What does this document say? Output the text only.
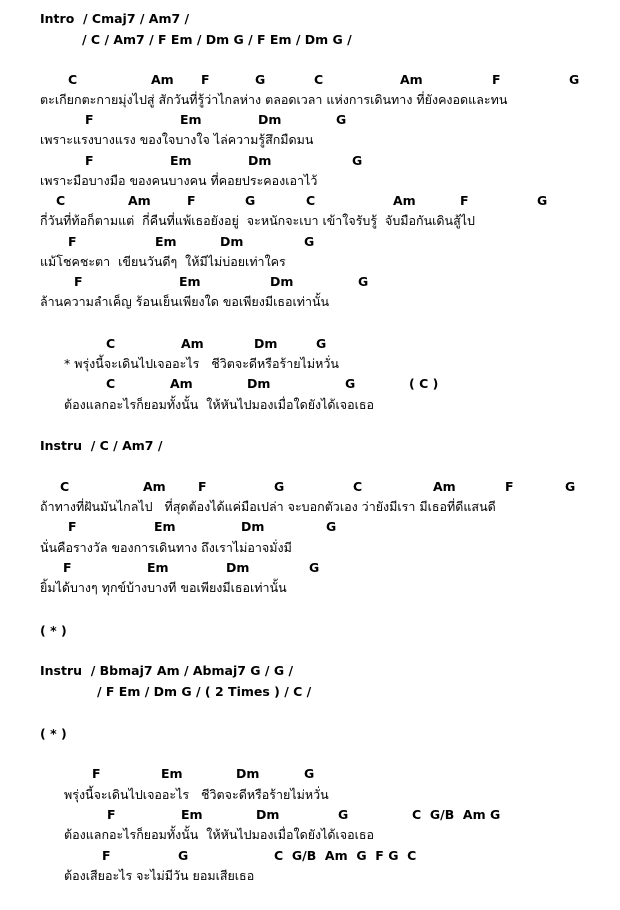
Intro  / Cmaj7 / Am7 /
/ C / Am7 / F Em / Dm G / F Em / Dm G /
C	Am F	G	C	Am	F	G
ตะเกียกตะกายมุ่งไปสู่ สักวันที่รู้ว่าไกลห่าง ตลอดเวลา แห่งการเดินทาง ที่ยังคงอดและทน
F	Em	Dm	G
เพราะแรงบางแรง ของใจบางใจ ไล่ความรู้สึกมืดมน
F	Em	Dm	G
เพราะมือบางมือ ของคนบางคน ที่คอยประคองเอาไว้
C	Am	F	G	C	Am	F	G
กี่วันที่ท้อก็ตามแต่  กี่คืนที่แพ้เธอยังอยู่  จะหนักจะเบา เข้าใจรับรู้  จับมือกันเดินสู้ไป
F	Em	Dm	G
แม้โชคชะตา  เขียนวันดีๆ  ให้มีไม่บ่อยเท่าใคร
F	Em	Dm	G
ล้านความลำเค็ญ ร้อนเย็นเพียงใด ขอเพียงมีเธอเท่านั้น
C	Am	Dm	G
* พรุ่งนี้จะเดินไปเจออะไร   ชีวิตจะดีหรือร้ายไม่หวั่น
C	Am	Dm	G	( C )
ต้องแลกอะไรก็ยอมทั้งนั้น  ให้หันไปมองเมื่อใดยังได้เจอเธอ
Instru  / C / Am7 /
C	Am	F	G	C	Am	F	G
ถ้าทางที่ฝันมันไกลไป   ที่สุดต้องได้แค่มือเปล่า จะบอกตัวเอง ว่ายังมีเรา มีเธอที่ดีแสนดี
F	Em	Dm	G
นั่นคือรางวัล ของการเดินทาง ถึงเราไม่อาจมั่งมี
F	Em	Dm	G
ยิ้มได้บางๆ ทุกข์บ้างบางที ขอเพียงมีเธอเท่านั้น
( * )
Instru  / Bbmaj7 Am / Abmaj7 G / G /
/ F Em / Dm G / ( 2 Times ) / C /
( * )
F	Em	Dm	G
พรุ่งนี้จะเดินไปเจออะไร   ชีวิตจะดีหรือร้ายไม่หวั่น
F	Em	Dm	G	C  G/B  Am G
ต้องแลกอะไรก็ยอมทั้งนั้น  ให้หันไปมองเมื่อใดยังได้เจอเธอ
F	G	C  G/B  Am  G  F G  C
ต้องเสียอะไร จะไม่มีวัน ยอมเสียเธอ
